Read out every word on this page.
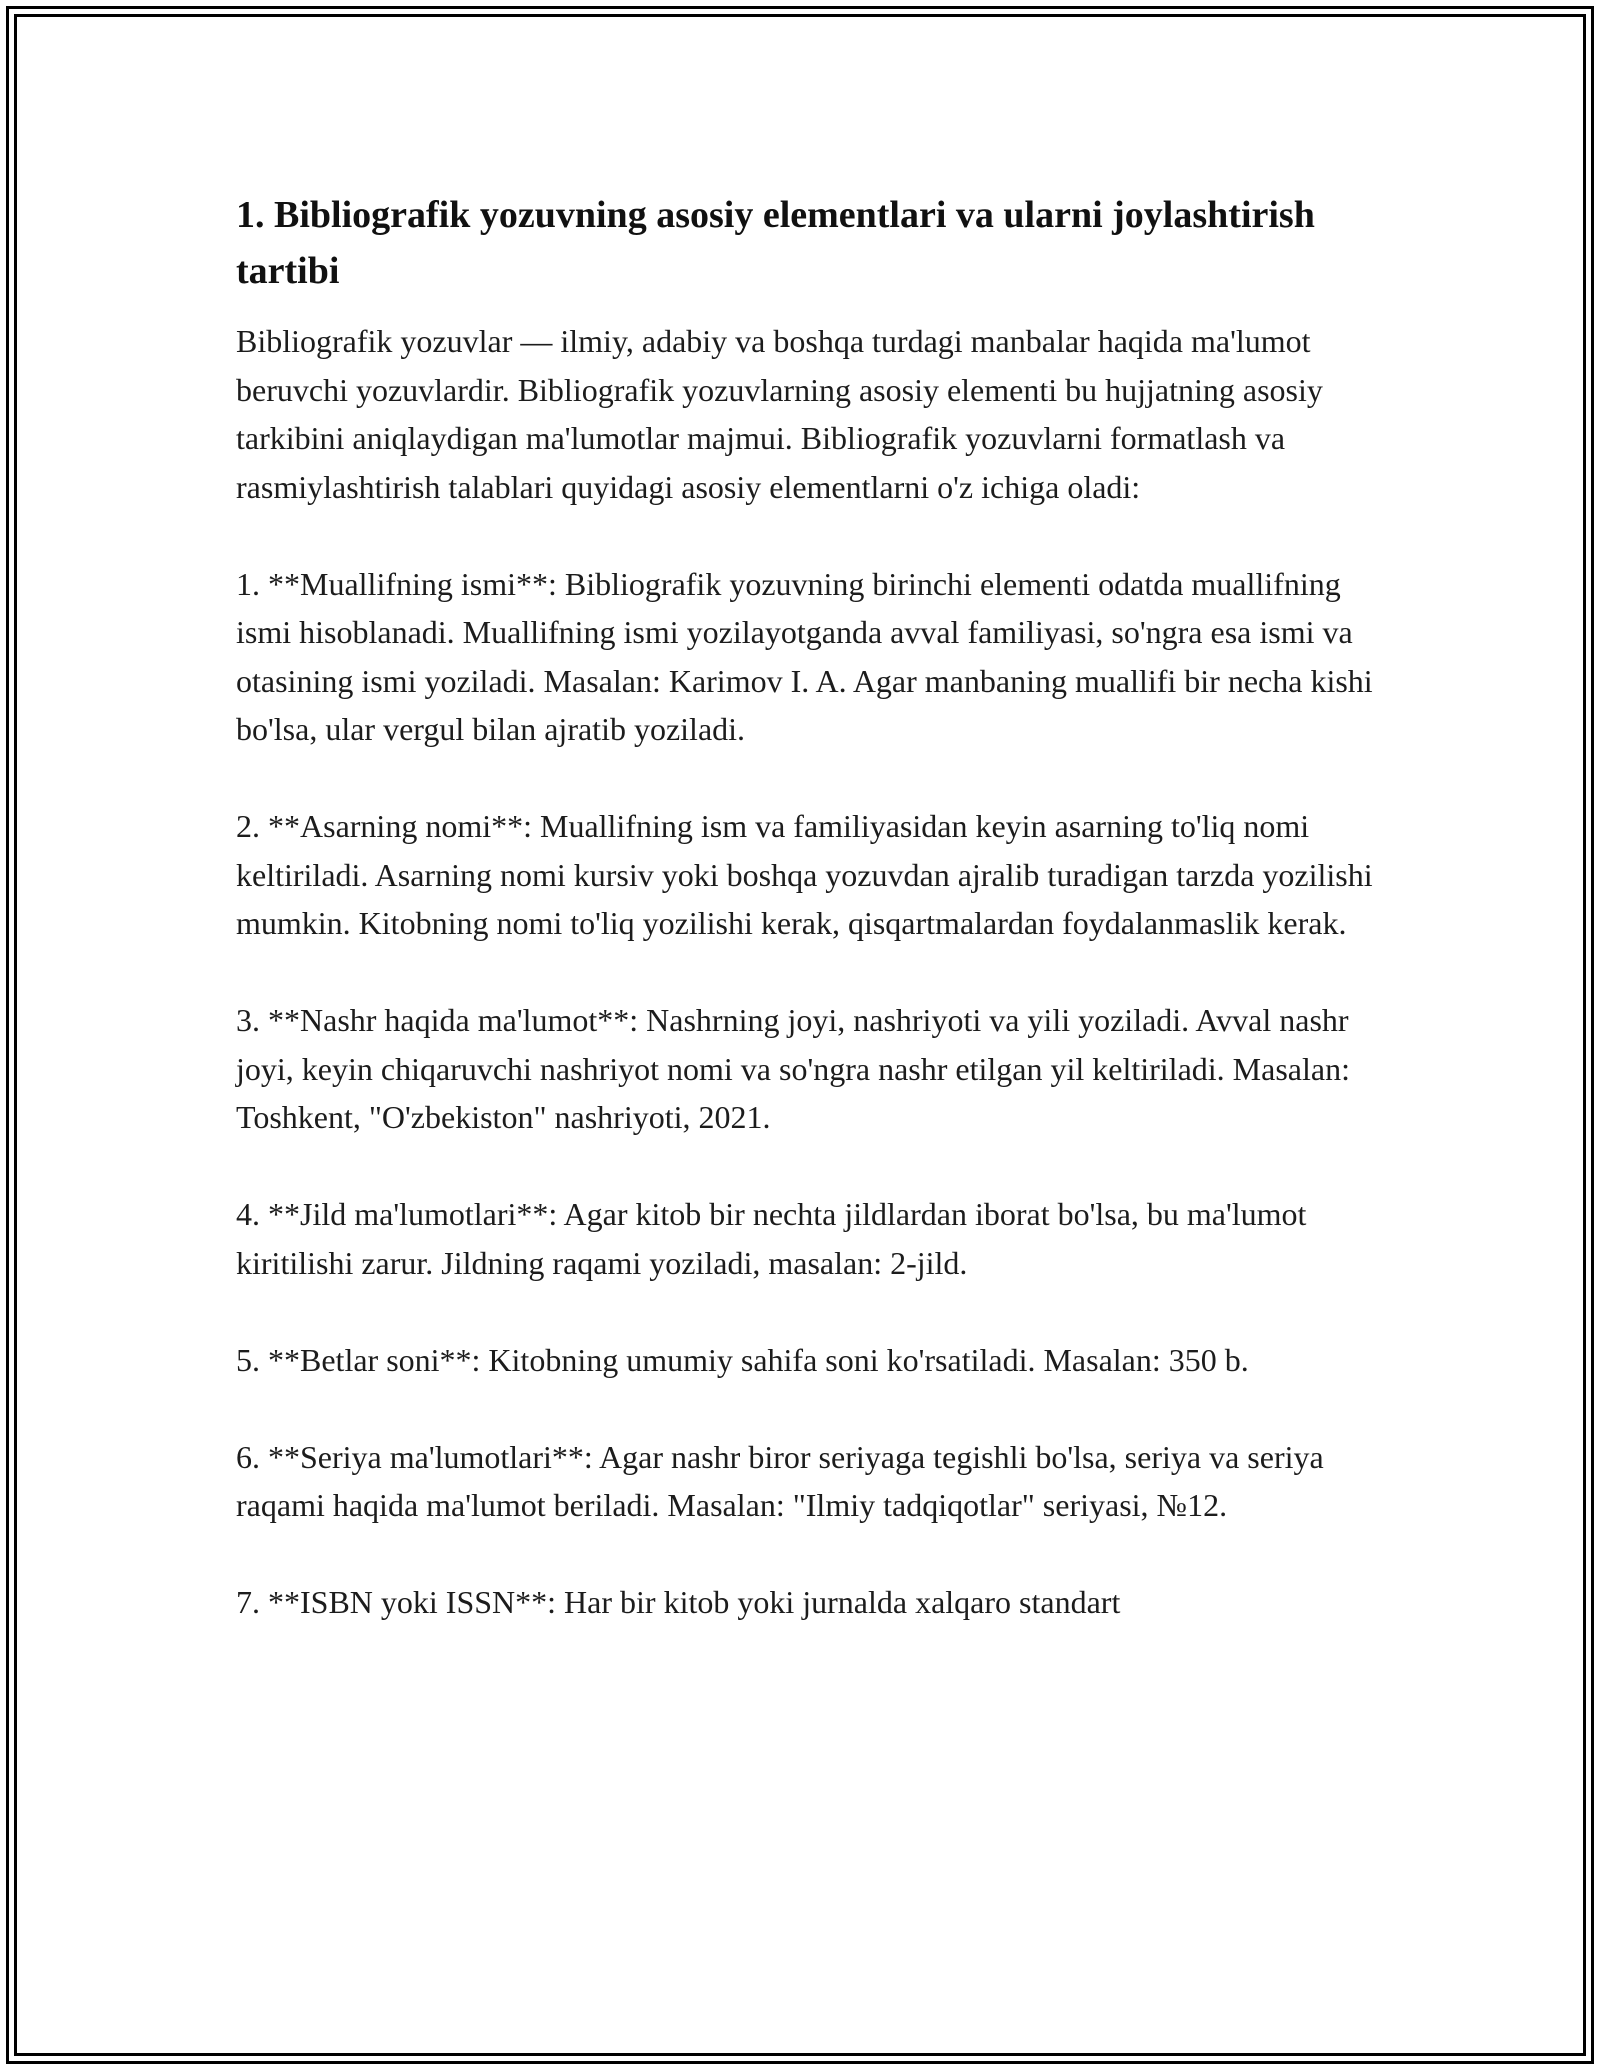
1. Bibliografik yozuvning asosiy elementlari va ularni joylashtirish tartibi

Bibliografik yozuvlar — ilmiy, adabiy va boshqa turdagi manbalar haqida ma'lumot beruvchi yozuvlardir. Bibliografik yozuvlarning asosiy elementi bu hujjatning asosiy tarkibini aniqlaydigan ma'lumotlar majmui. Bibliografik yozuvlarni formatlash va rasmiylashtirish talablari quyidagi asosiy elementlarni o'z ichiga oladi:

1. **Muallifning ismi**: Bibliografik yozuvning birinchi elementi odatda muallifning ismi hisoblanadi. Muallifning ismi yozilayotganda avval familiyasi, so'ngra esa ismi va otasining ismi yoziladi. Masalan: Karimov I. A. Agar manbaning muallifi bir necha kishi bo'lsa, ular vergul bilan ajratib yoziladi.

2. **Asarning nomi**: Muallifning ism va familiyasidan keyin asarning to'liq nomi keltiriladi. Asarning nomi kursiv yoki boshqa yozuvdan ajralib turadigan tarzda yozilishi mumkin. Kitobning nomi to'liq yozilishi kerak, qisqartmalardan foydalanmaslik kerak.

3. **Nashr haqida ma'lumot**: Nashrning joyi, nashriyoti va yili yoziladi. Avval nashr joyi, keyin chiqaruvchi nashriyot nomi va so'ngra nashr etilgan yil keltiriladi. Masalan: Toshkent, "O'zbekiston" nashriyoti, 2021.

4. **Jild ma'lumotlari**: Agar kitob bir nechta jildlardan iborat bo'lsa, bu ma'lumot kiritilishi zarur. Jildning raqami yoziladi, masalan: 2-jild.

5. **Betlar soni**: Kitobning umumiy sahifa soni ko'rsatiladi. Masalan: 350 b.

6. **Seriya ma'lumotlari**: Agar nashr biror seriyaga tegishli bo'lsa, seriya va seriya raqami haqida ma'lumot beriladi. Masalan: "Ilmiy tadqiqotlar" seriyasi, №12.

7. **ISBN yoki ISSN**: Har bir kitob yoki jurnalda xalqaro standart
